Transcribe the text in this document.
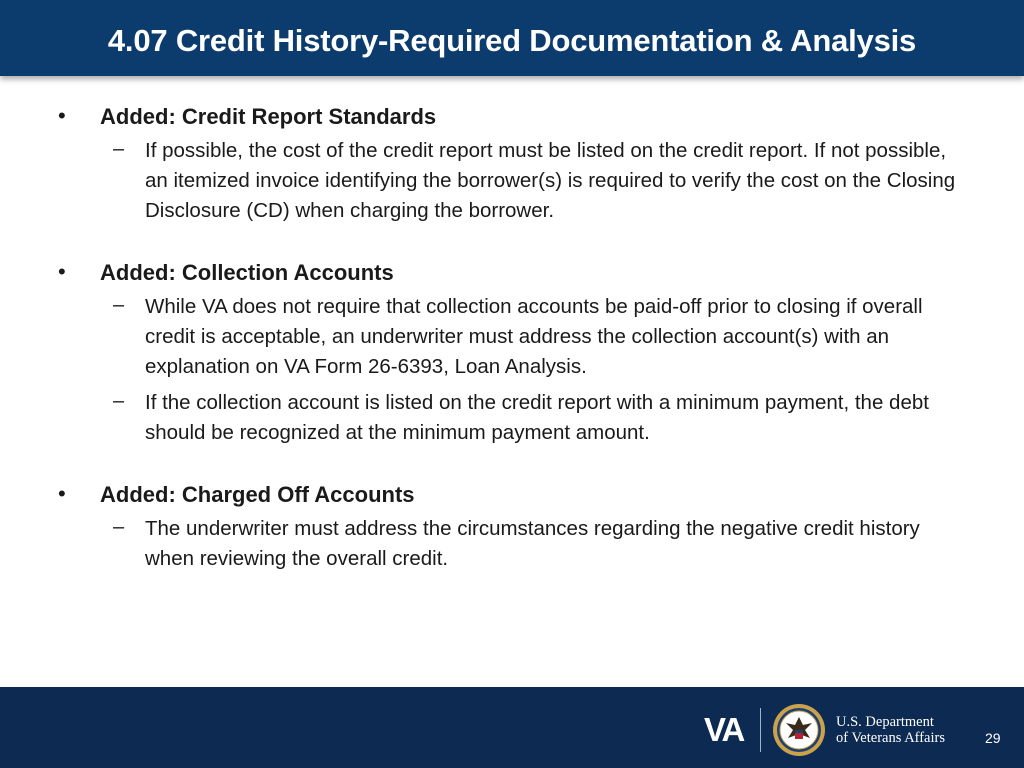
4.07 Credit History-Required Documentation & Analysis
• Added: Credit Report Standards
– If possible, the cost of the credit report must be listed on the credit report. If not possible, an itemized invoice identifying the borrower(s) is required to verify the cost on the Closing Disclosure (CD) when charging the borrower.
• Added: Collection Accounts
– While VA does not require that collection accounts be paid-off prior to closing if overall credit is acceptable, an underwriter must address the collection account(s) with an explanation on VA Form 26-6393, Loan Analysis.
– If the collection account is listed on the credit report with a minimum payment, the debt should be recognized at the minimum payment amount.
• Added: Charged Off Accounts
– The underwriter must address the circumstances regarding the negative credit history when reviewing the overall credit.
VA	U.S. Department
of Veterans Affairs	29
